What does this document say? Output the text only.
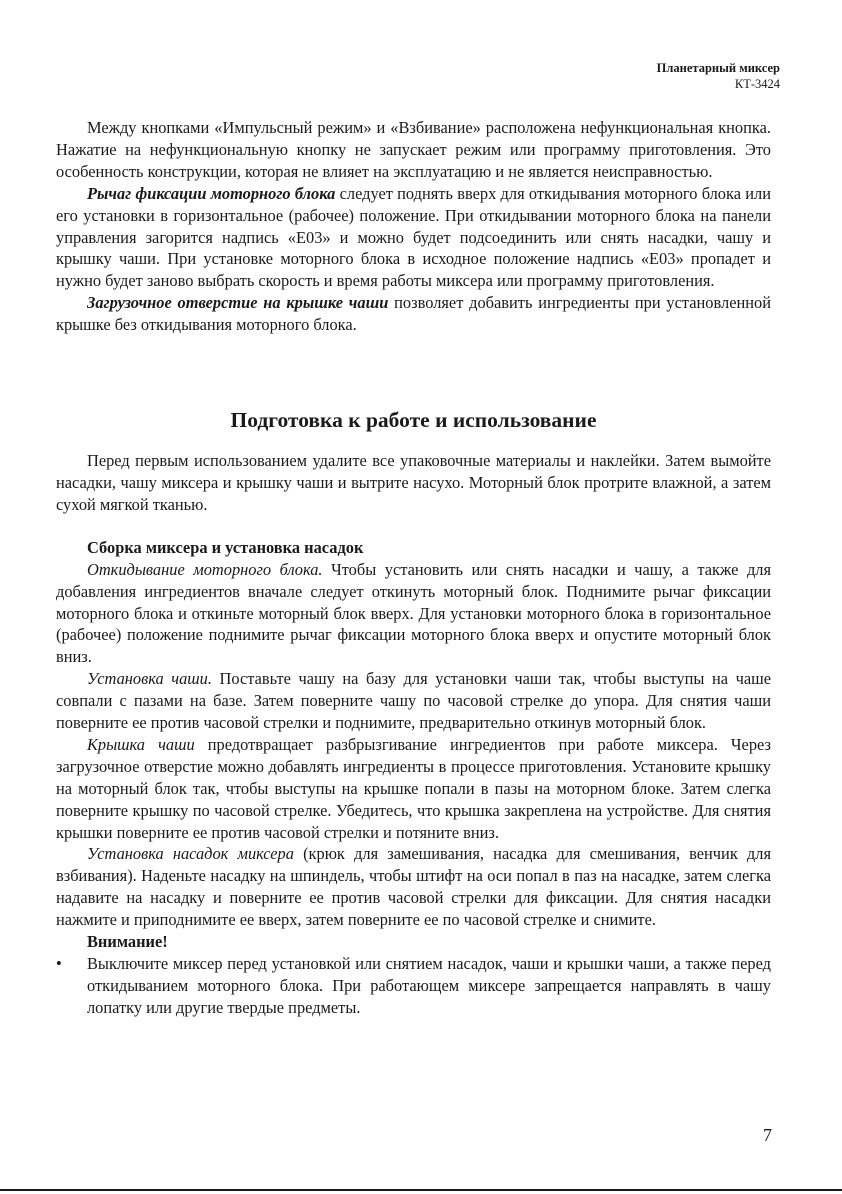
Планетарный миксер
КТ-3424

Между кнопками «Импульсный режим» и «Взбивание» расположена нефункциональная кнопка. Нажатие на нефункциональную кнопку не запускает режим или программу приготовления. Это особенность конструкции, которая не влияет на эксплуатацию и не является неисправностью.

Рычаг фиксации моторного блока следует поднять вверх для откидывания моторного блока или его установки в горизонтальное (рабочее) положение. При откидывании моторного блока на панели управления загорится надпись «Е03» и можно будет подсоединить или снять насадки, чашу и крышку чаши. При установке моторного блока в исходное положение надпись «Е03» пропадет и нужно будет заново выбрать скорость и время работы миксера или программу приготовления.

Загрузочное отверстие на крышке чаши позволяет добавить ингредиенты при установленной крышке без откидывания моторного блока.

Подготовка к работе и использование

Перед первым использованием удалите все упаковочные материалы и наклейки. Затем вымойте насадки, чашу миксера и крышку чаши и вытрите насухо. Моторный блок протрите влажной, а затем сухой мягкой тканью.

Сборка миксера и установка насадок

Откидывание моторного блока. Чтобы установить или снять насадки и чашу, а также для добавления ингредиентов вначале следует откинуть моторный блок. Поднимите рычаг фиксации моторного блока и откиньте моторный блок вверх. Для установки моторного блока в горизонтальное (рабочее) положение поднимите рычаг фиксации моторного блока вверх и опустите моторный блок вниз.

Установка чаши. Поставьте чашу на базу для установки чаши так, чтобы выступы на чаше совпали с пазами на базе. Затем поверните чашу по часовой стрелке до упора. Для снятия чаши поверните ее против часовой стрелки и поднимите, предварительно откинув моторный блок.

Крышка чаши предотвращает разбрызгивание ингредиентов при работе миксера. Через загрузочное отверстие можно добавлять ингредиенты в процессе приготовления. Установите крышку на моторный блок так, чтобы выступы на крышке попали в пазы на моторном блоке. Затем слегка поверните крышку по часовой стрелке. Убедитесь, что крышка закреплена на устройстве. Для снятия крышки поверните ее против часовой стрелки и потяните вниз.

Установка насадок миксера (крюк для замешивания, насадка для смешивания, венчик для взбивания). Наденьте насадку на шпиндель, чтобы штифт на оси попал в паз на насадке, затем слегка надавите на насадку и поверните ее против часовой стрелки для фиксации. Для снятия насадки нажмите и приподнимите ее вверх, затем поверните ее по часовой стрелке и снимите.

Внимание!
•	Выключите миксер перед установкой или снятием насадок, чаши и крышки чаши, а также перед откидыванием моторного блока. При работающем миксере запрещается направлять в чашу лопатку или другие твердые предметы.
7
